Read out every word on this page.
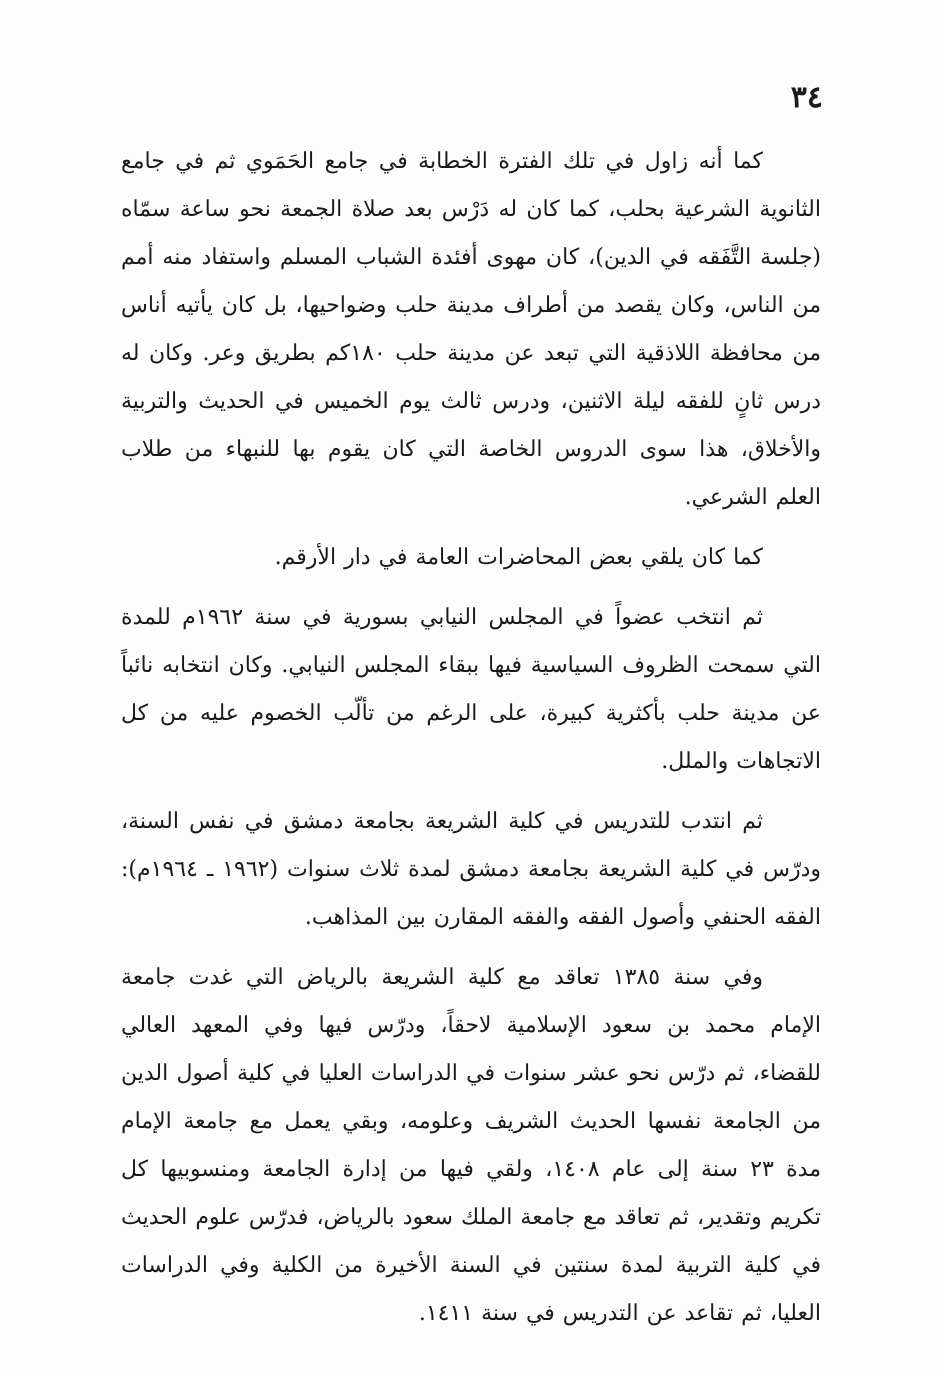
٣٤

كما أنه زاول في تلك الفترة الخطابة في جامع الحَمَوي ثم في جامع الثانوية الشرعية بحلب، كما كان له دَرْس بعد صلاة الجمعة نحو ساعة سمّاه (جلسة التَّفَقه في الدين)، كان مهوى أفئدة الشباب المسلم واستفاد منه أمم من الناس، وكان يقصد من أطراف مدينة حلب وضواحيها، بل كان يأتيه أناس من محافظة اللاذقية التي تبعد عن مدينة حلب ١٨٠كم بطريق وعر. وكان له درس ثانٍ للفقه ليلة الاثنين، ودرس ثالث يوم الخميس في الحديث والتربية والأخلاق، هذا سوى الدروس الخاصة التي كان يقوم بها للنبهاء من طلاب العلم الشرعي.

كما كان يلقي بعض المحاضرات العامة في دار الأرقم.

ثم انتخب عضواً في المجلس النيابي بسورية في سنة ١٩٦٢م للمدة التي سمحت الظروف السياسية فيها ببقاء المجلس النيابي. وكان انتخابه نائباً عن مدينة حلب بأكثرية كبيرة، على الرغم من تألّب الخصوم عليه من كل الاتجاهات والملل.

ثم انتدب للتدريس في كلية الشريعة بجامعة دمشق في نفس السنة، ودرّس في كلية الشريعة بجامعة دمشق لمدة ثلاث سنوات (١٩٦٢ ـ ١٩٦٤م): الفقه الحنفي وأصول الفقه والفقه المقارن بين المذاهب.

وفي سنة ١٣٨٥ تعاقد مع كلية الشريعة بالرياض التي غدت جامعة الإمام محمد بن سعود الإسلامية لاحقاً، ودرّس فيها وفي المعهد العالي للقضاء، ثم درّس نحو عشر سنوات في الدراسات العليا في كلية أصول الدين من الجامعة نفسها الحديث الشريف وعلومه، وبقي يعمل مع جامعة الإمام مدة ٢٣ سنة إلى عام ١٤٠٨، ولقي فيها من إدارة الجامعة ومنسوبيها كل تكريم وتقدير، ثم تعاقد مع جامعة الملك سعود بالرياض، فدرّس علوم الحديث في كلية التربية لمدة سنتين في السنة الأخيرة من الكلية وفي الدراسات العليا، ثم تقاعد عن التدريس في سنة ١٤١١.
